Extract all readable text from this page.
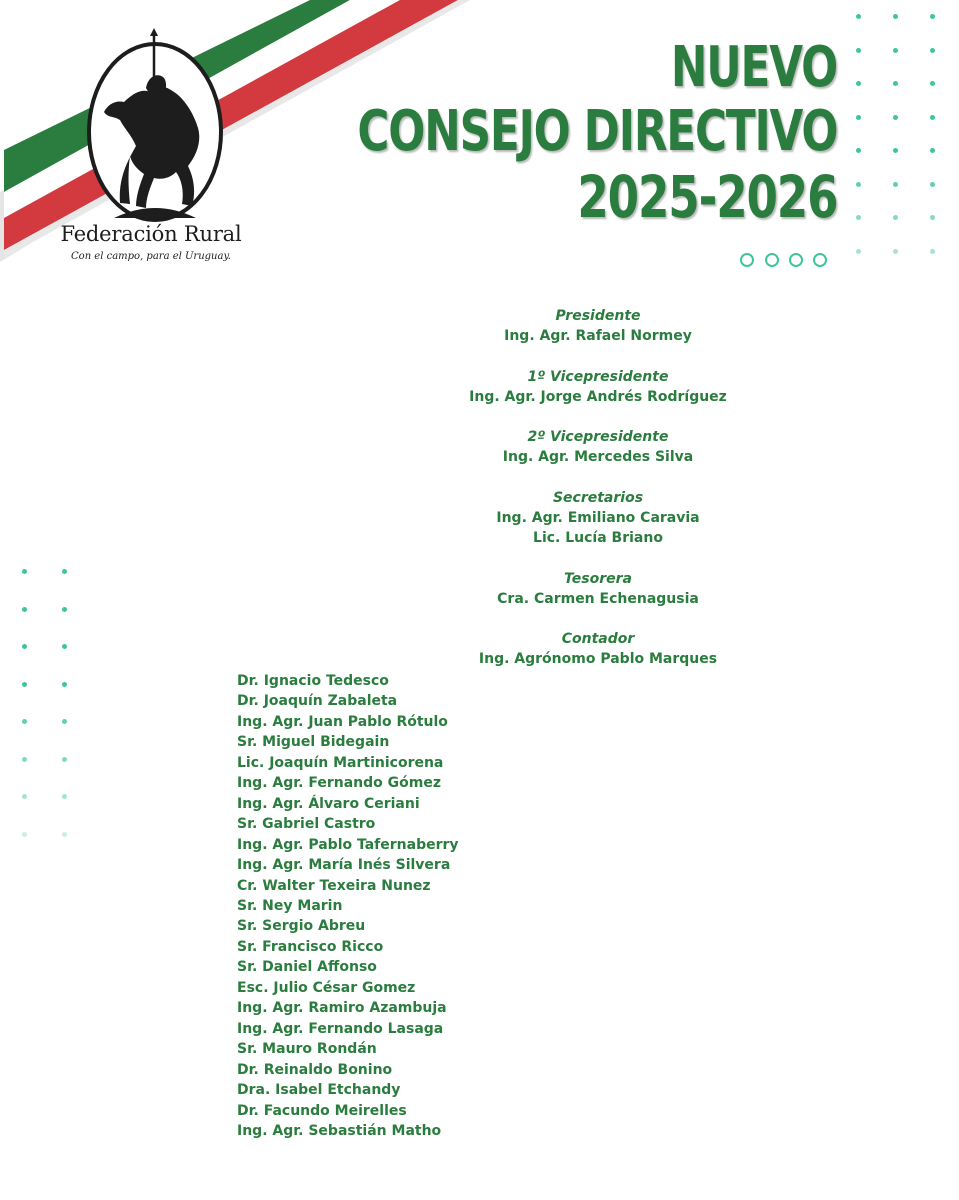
Federación Rural
Con el campo, para el Uruguay.
NUEVO
CONSEJO DIRECTIVO
2025-2026
Presidente
Ing. Agr. Rafael Normey
1º Vicepresidente
Ing. Agr. Jorge Andrés Rodríguez
2º Vicepresidente
Ing. Agr. Mercedes Silva
Secretarios
Ing. Agr. Emiliano Caravia
Lic. Lucía Briano
Tesorera
Cra. Carmen Echenagusia
Contador
Ing. Agrónomo Pablo Marques
Dr. Ignacio Tedesco
Dr. Joaquín Zabaleta
Ing. Agr. Juan Pablo Rótulo
Sr. Miguel Bidegain
Lic. Joaquín Martinicorena
Ing. Agr. Fernando Gómez
Ing. Agr. Álvaro Ceriani
Sr. Gabriel Castro
Ing. Agr. Pablo Tafernaberry
Ing. Agr. María Inés Silvera
Cr. Walter Texeira Nunez
Sr. Ney Marin
Sr. Sergio Abreu
Sr. Francisco Ricco
Sr. Daniel Affonso
Esc. Julio César Gomez
Ing. Agr. Ramiro Azambuja
Ing. Agr. Fernando Lasaga
Sr. Mauro Rondán
Dr. Reinaldo Bonino
Dra. Isabel Etchandy
Dr. Facundo Meirelles
Ing. Agr. Sebastián Matho
